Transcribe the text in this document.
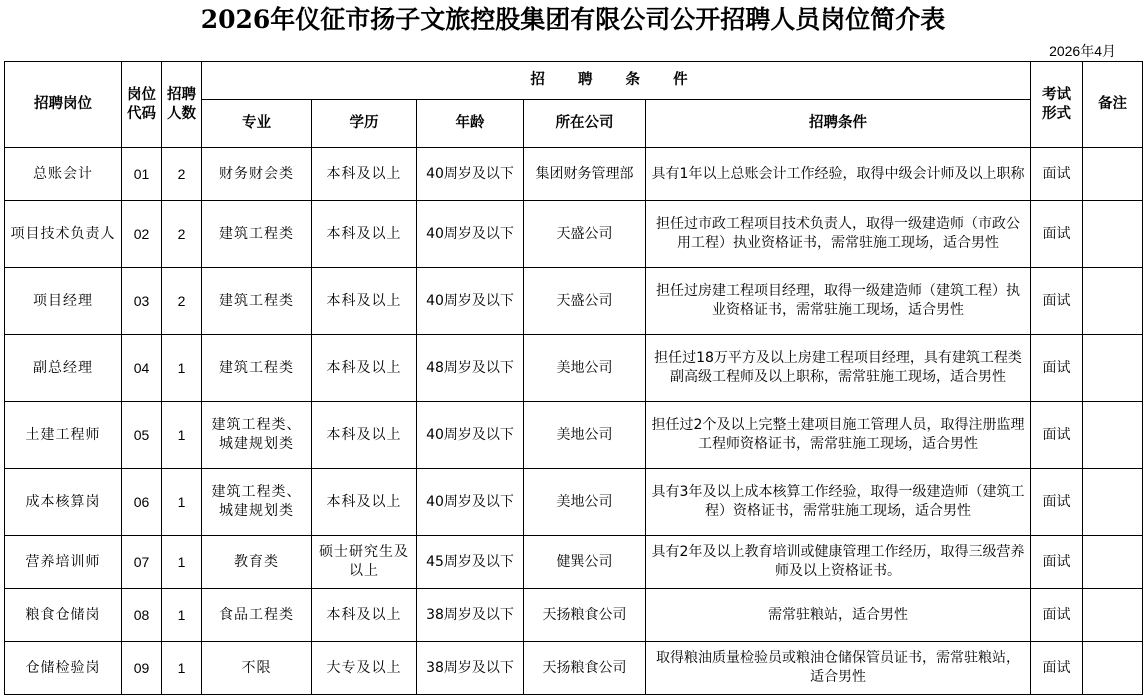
2026年仪征市扬子文旅控股集团有限公司公开招聘人员岗位简介表
2026年4月
招聘岗位	岗位代码	招聘人数	招 聘 条 件					考试形式	备注
			专业	学历	年龄	所在公司	招聘条件		
总账会计	01	2	财务财会类	本科及以上	40周岁及以下	集团财务管理部	具有1年以上总账会计工作经验，取得中级会计师及以上职称	面试	
项目技术负责人	02	2	建筑工程类	本科及以上	40周岁及以下	天盛公司	担任过市政工程项目技术负责人，取得一级建造师（市政公用工程）执业资格证书，需常驻施工现场，适合男性	面试	
项目经理	03	2	建筑工程类	本科及以上	40周岁及以下	天盛公司	担任过房建工程项目经理，取得一级建造师（建筑工程）执业资格证书，需常驻施工现场，适合男性	面试	
副总经理	04	1	建筑工程类	本科及以上	48周岁及以下	美地公司	担任过18万平方及以上房建工程项目经理，具有建筑工程类副高级工程师及以上职称，需常驻施工现场，适合男性	面试	
土建工程师	05	1	建筑工程类、城建规划类	本科及以上	40周岁及以下	美地公司	担任过2个及以上完整土建项目施工管理人员，取得注册监理工程师资格证书，需常驻施工现场，适合男性	面试	
成本核算岗	06	1	建筑工程类、城建规划类	本科及以上	40周岁及以下	美地公司	具有3年及以上成本核算工作经验，取得一级建造师（建筑工程）资格证书，需常驻施工现场，适合男性	面试	
营养培训师	07	1	教育类	硕士研究生及以上	45周岁及以下	健巽公司	具有2年及以上教育培训或健康管理工作经历，取得三级营养师及以上资格证书。	面试	
粮食仓储岗	08	1	食品工程类	本科及以上	38周岁及以下	天扬粮食公司	需常驻粮站，适合男性	面试	
仓储检验岗	09	1	不限	大专及以上	38周岁及以下	天扬粮食公司	取得粮油质量检验员或粮油仓储保管员证书，需常驻粮站，适合男性	面试	
